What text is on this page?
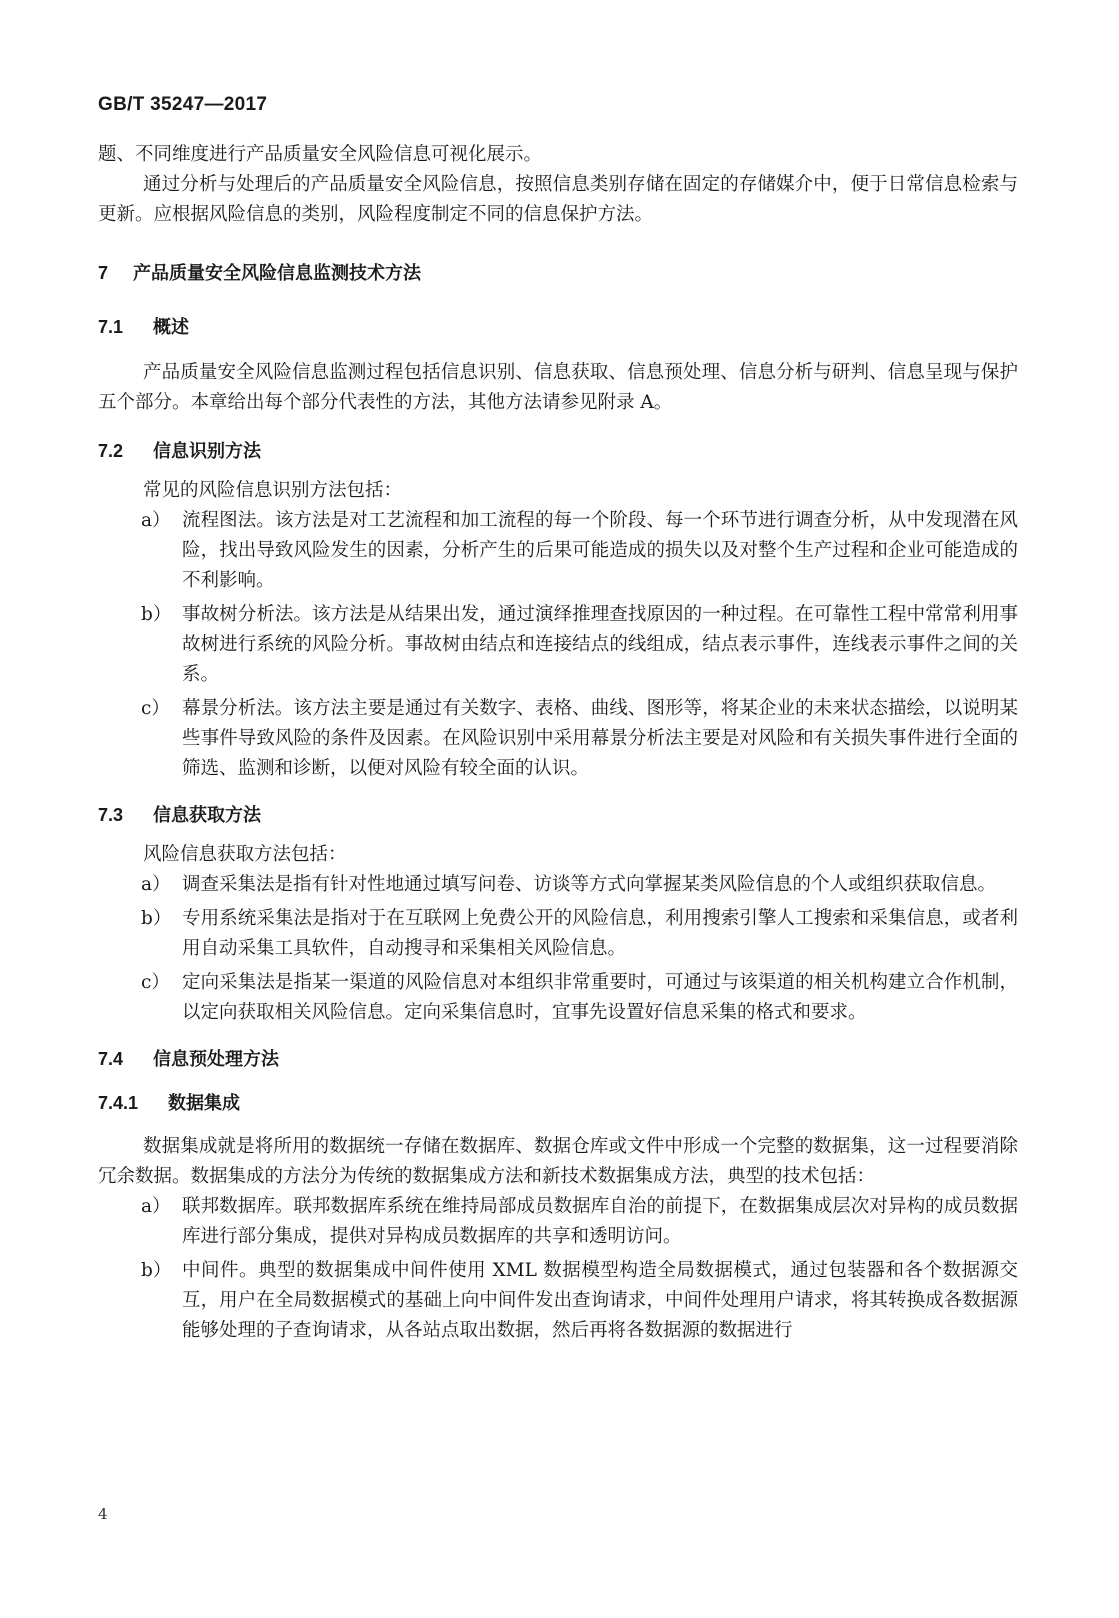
GB/T 35247—2017

题、不同维度进行产品质量安全风险信息可视化展示。

通过分析与处理后的产品质量安全风险信息，按照信息类别存储在固定的存储媒介中，便于日常信息检索与更新。应根据风险信息的类别，风险程度制定不同的信息保护方法。

7 产品质量安全风险信息监测技术方法
7.1 概述

产品质量安全风险信息监测过程包括信息识别、信息获取、信息预处理、信息分析与研判、信息呈现与保护五个部分。本章给出每个部分代表性的方法，其他方法请参见附录 A。

7.2 信息识别方法
常见的风险信息识别方法包括：
a） 流程图法。该方法是对工艺流程和加工流程的每一个阶段、每一个环节进行调查分析，从中发现潜在风险，找出导致风险发生的因素，分析产生的后果可能造成的损失以及对整个生产过程和企业可能造成的不利影响。
b） 事故树分析法。该方法是从结果出发，通过演绎推理查找原因的一种过程。在可靠性工程中常常利用事故树进行系统的风险分析。事故树由结点和连接结点的线组成，结点表示事件，连线表示事件之间的关系。
c） 幕景分析法。该方法主要是通过有关数字、表格、曲线、图形等，将某企业的未来状态描绘，以说明某些事件导致风险的条件及因素。在风险识别中采用幕景分析法主要是对风险和有关损失事件进行全面的筛选、监测和诊断，以便对风险有较全面的认识。
7.3 信息获取方法
风险信息获取方法包括：
a） 调查采集法是指有针对性地通过填写问卷、访谈等方式向掌握某类风险信息的个人或组织获取信息。
b） 专用系统采集法是指对于在互联网上免费公开的风险信息，利用搜索引擎人工搜索和采集信息，或者利用自动采集工具软件，自动搜寻和采集相关风险信息。
c） 定向采集法是指某一渠道的风险信息对本组织非常重要时，可通过与该渠道的相关机构建立合作机制，以定向获取相关风险信息。定向采集信息时，宜事先设置好信息采集的格式和要求。
7.4 信息预处理方法
7.4.1 数据集成

数据集成就是将所用的数据统一存储在数据库、数据仓库或文件中形成一个完整的数据集，这一过程要消除冗余数据。数据集成的方法分为传统的数据集成方法和新技术数据集成方法，典型的技术包括：

a） 联邦数据库。联邦数据库系统在维持局部成员数据库自治的前提下，在数据集成层次对异构的成员数据库进行部分集成，提供对异构成员数据库的共享和透明访问。
b） 中间件。典型的数据集成中间件使用 XML 数据模型构造全局数据模式，通过包装器和各个数据源交互，用户在全局数据模式的基础上向中间件发出查询请求，中间件处理用户请求，将其转换成各数据源能够处理的子查询请求，从各站点取出数据，然后再将各数据源的数据进行
4
